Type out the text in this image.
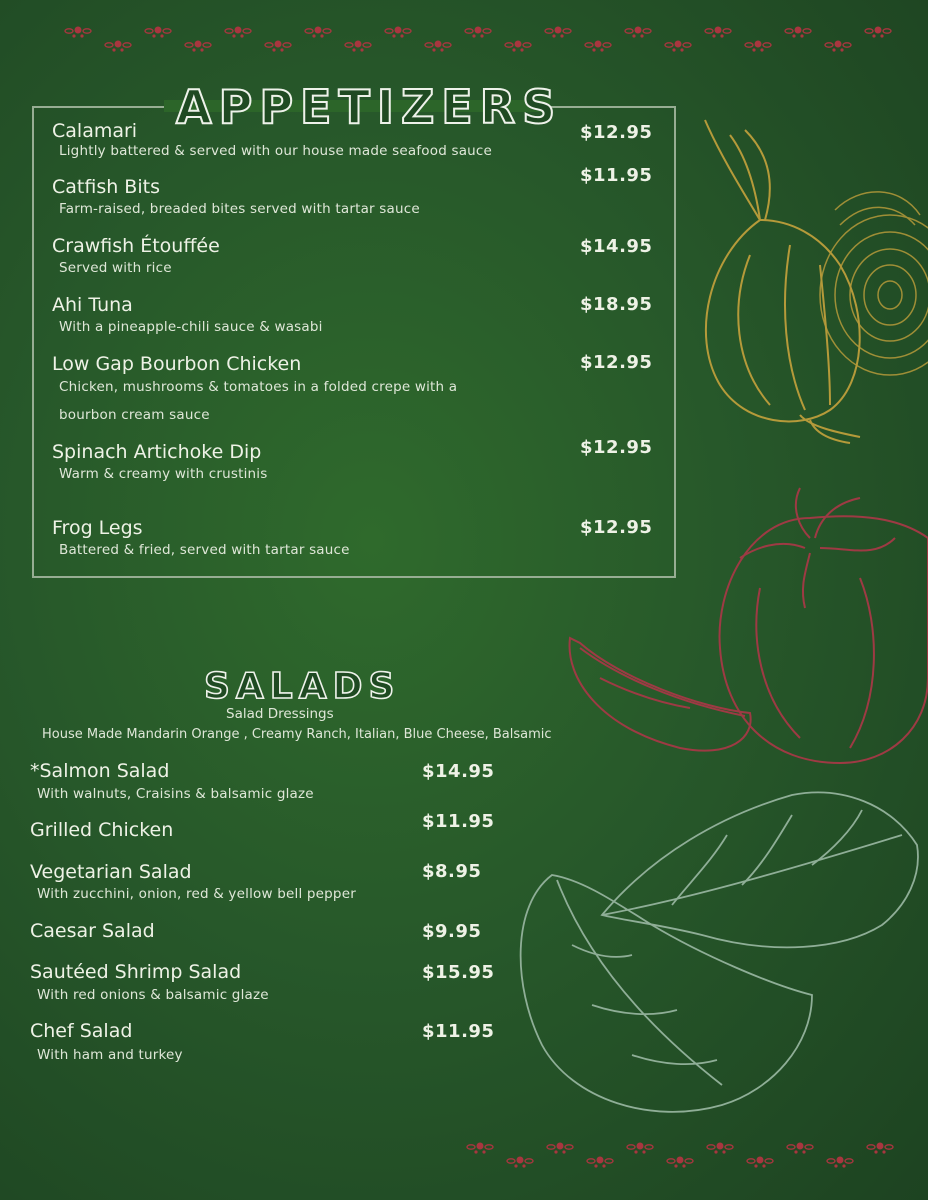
APPETIZERS
Calamari
Lightly battered & served with our house made seafood sauce
$12.95
Catfish Bits
Farm-raised, breaded bites served with tartar sauce
$11.95
Crawfish Étouffée
Served with rice
$14.95
Ahi Tuna
With a pineapple-chili sauce & wasabi
$18.95
Low Gap Bourbon Chicken
Chicken, mushrooms & tomatoes in a folded crepe with a
bourbon cream sauce
$12.95
Spinach Artichoke Dip
Warm & creamy with crustinis
$12.95
Frog Legs
Battered & fried, served with tartar sauce
$12.95
SALADS
Salad Dressings
House Made Mandarin Orange , Creamy Ranch, Italian, Blue Cheese, Balsamic
*Salmon Salad
With walnuts, Craisins & balsamic glaze
$14.95
Grilled Chicken	$11.95
Vegetarian Salad
With zucchini, onion, red & yellow bell pepper
$8.95
Caesar Salad	$9.95
Sautéed Shrimp Salad
With red onions & balsamic glaze
$15.95
Chef Salad
With ham and turkey
$11.95
